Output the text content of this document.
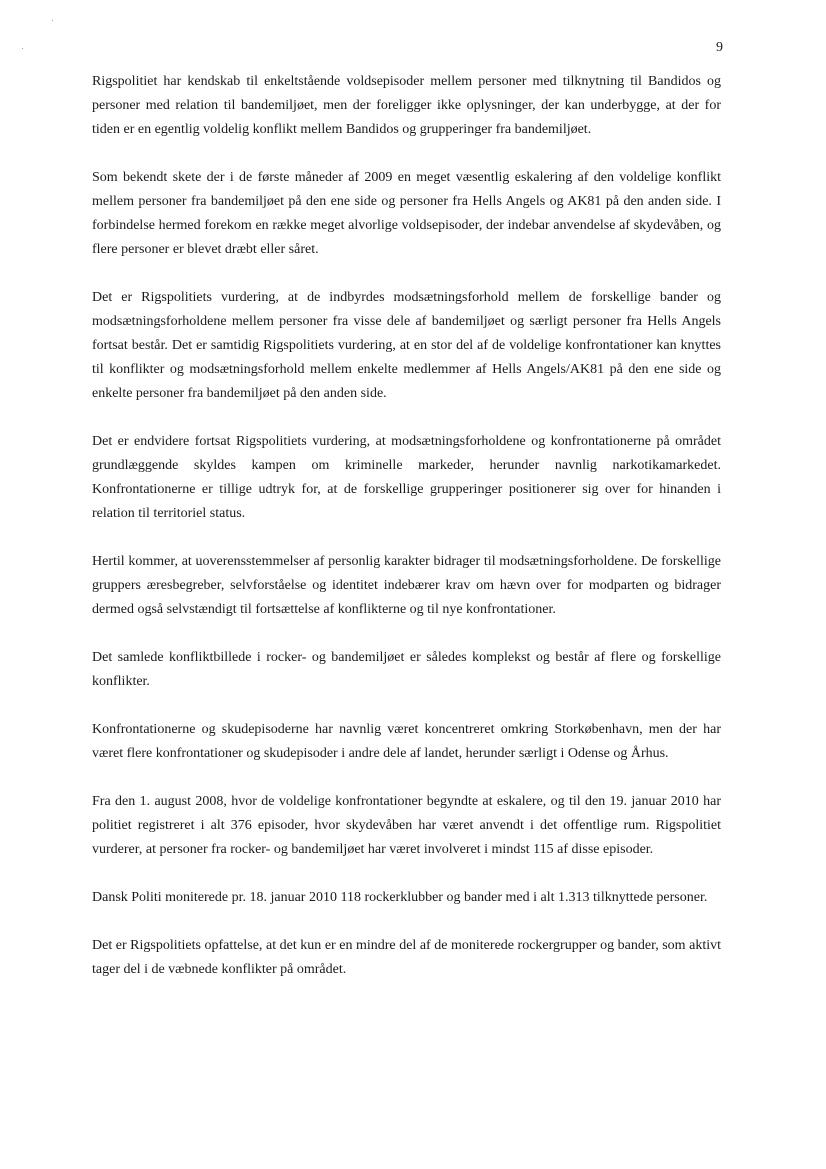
9

Rigspolitiet har kendskab til enkeltstående voldsepisoder mellem personer med tilknytning til Bandidos og personer med relation til bandemiljøet, men der foreligger ikke oplysninger, der kan underbygge, at der for tiden er en egentlig voldelig konflikt mellem Bandidos og grupperinger fra bandemiljøet.

Som bekendt skete der i de første måneder af 2009 en meget væsentlig eskalering af den voldelige konflikt mellem personer fra bandemiljøet på den ene side og personer fra Hells Angels og AK81 på den anden side. I forbindelse hermed forekom en række meget alvorlige voldsepisoder, der indebar anvendelse af skydevåben, og flere personer er blevet dræbt eller såret.

Det er Rigspolitiets vurdering, at de indbyrdes modsætningsforhold mellem de forskellige bander og modsætningsforholdene mellem personer fra visse dele af bandemiljøet og særligt personer fra Hells Angels fortsat består. Det er samtidig Rigspolitiets vurdering, at en stor del af de voldelige konfrontationer kan knyttes til konflikter og modsætningsforhold mellem enkelte medlemmer af Hells Angels/AK81 på den ene side og enkelte personer fra bandemiljøet på den anden side.

Det er endvidere fortsat Rigspolitiets vurdering, at modsætningsforholdene og konfrontationerne på området grundlæggende skyldes kampen om kriminelle markeder, herunder navnlig narkotikamarkedet. Konfrontationerne er tillige udtryk for, at de forskellige grupperinger positionerer sig over for hinanden i relation til territoriel status.

Hertil kommer, at uoverensstemmelser af personlig karakter bidrager til modsætningsforholdene. De forskellige gruppers æresbegreber, selvforståelse og identitet indebærer krav om hævn over for modparten og bidrager dermed også selvstændigt til fortsættelse af konflikterne og til nye konfrontationer.

Det samlede konfliktbillede i rocker- og bandemiljøet er således komplekst og består af flere og forskellige konflikter.

Konfrontationerne og skudepisoderne har navnlig været koncentreret omkring Storkøbenhavn, men der har været flere konfrontationer og skudepisoder i andre dele af landet, herunder særligt i Odense og Århus.

Fra den 1. august 2008, hvor de voldelige konfrontationer begyndte at eskalere, og til den 19. januar 2010 har politiet registreret i alt 376 episoder, hvor skydevåben har været anvendt i det offentlige rum. Rigspolitiet vurderer, at personer fra rocker- og bandemiljøet har været involveret i mindst 115 af disse episoder.

Dansk Politi moniterede pr. 18. januar 2010 118 rockerklubber og bander med i alt 1.313 tilknyttede personer.

Det er Rigspolitiets opfattelse, at det kun er en mindre del af de moniterede rockergrupper og bander, som aktivt tager del i de væbnede konflikter på området.
